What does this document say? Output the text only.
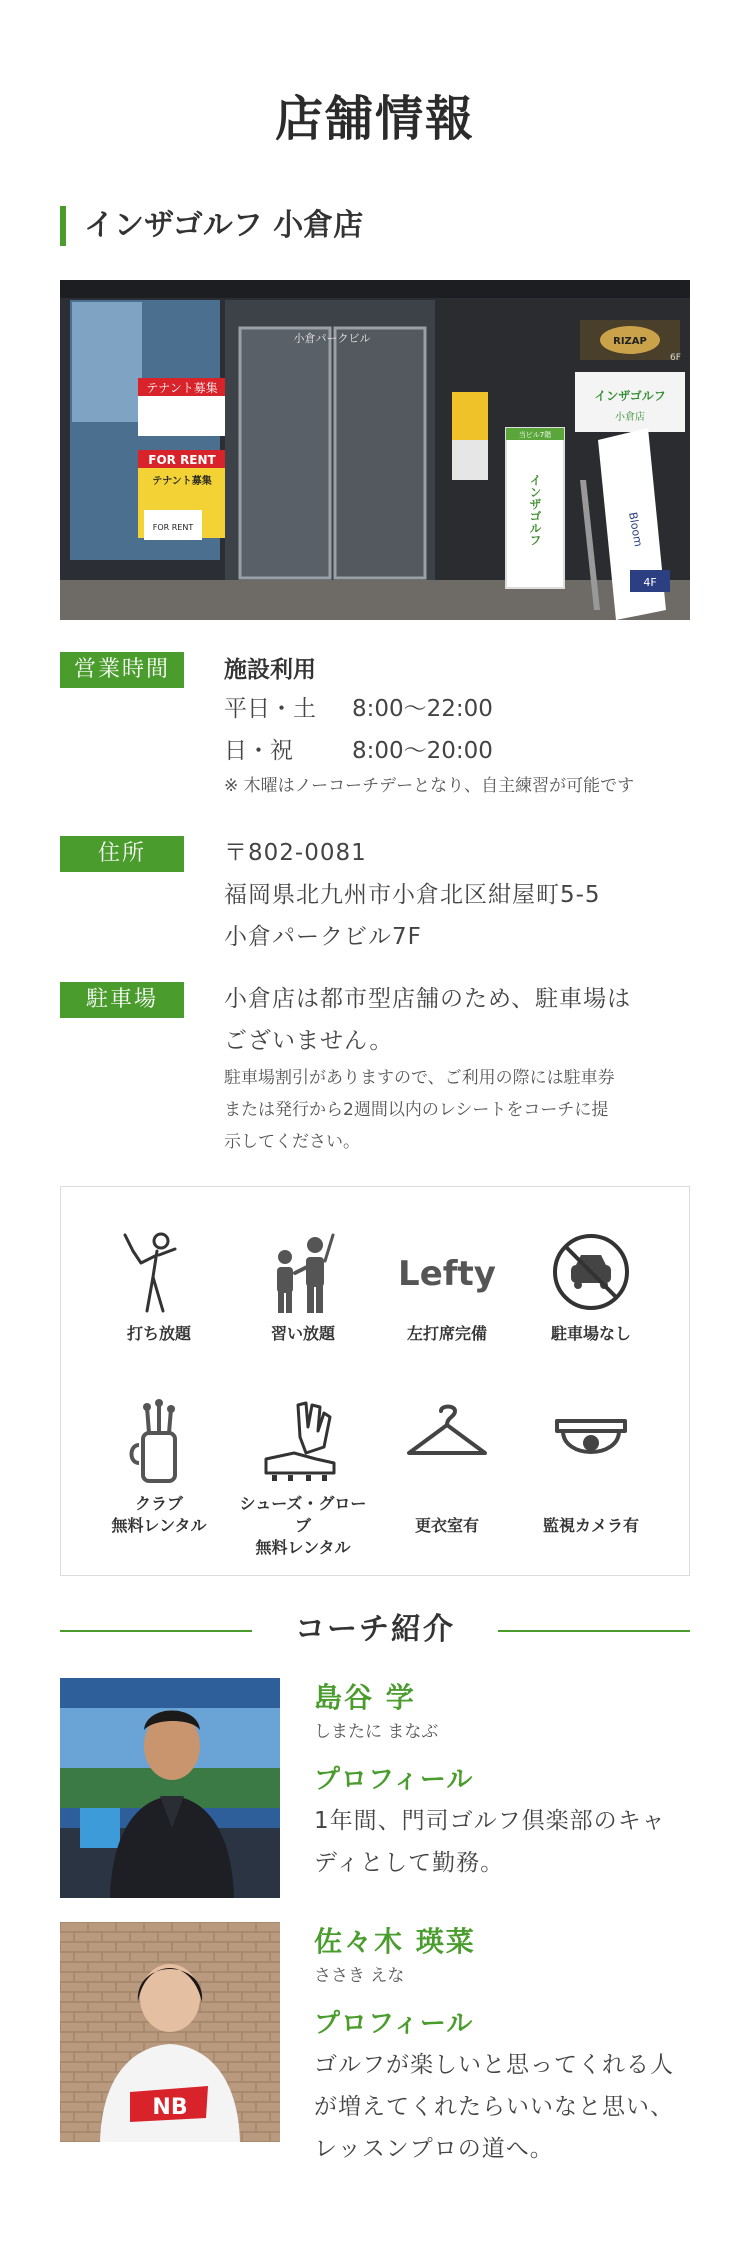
店舗情報
インザゴルフ 小倉店
テナント募集
FOR RENT
テナント募集
FOR RENT
小倉パークビル	RIZAP
6F
インザゴルフ
小倉店
当ビル7階
インザゴルフ
4F
Bloom
営業時間	施設利用
平日・土 8:00〜22:00
日・祝	8:00〜20:00
※ 木曜はノーコーチデーとなり、自主練習が可能です
住所	〒802-0081
福岡県北九州市小倉北区紺屋町5-5
小倉パークビル7F
駐車場	小倉店は都市型店舗のため、駐車場は
ございません。
駐車場割引がありますので、ご利用の際には駐車券
または発行から2週間以内のレシートをコーチに提
示してください。
打ち放題	習い放題
Lefty
左打席完備	駐車場なし
クラブ
無料レンタル
シューズ・グローブ
無料レンタル
更衣室有	監視カメラ有
コーチ紹介
島谷 学
しまたに まなぶ
プロフィール
1年間、門司ゴルフ倶楽部のキャ
ディとして勤務。
NB
佐々木 瑛菜
ささき えな
プロフィール
ゴルフが楽しいと思ってくれる人
が増えてくれたらいいなと思い、
レッスンプロの道へ。
